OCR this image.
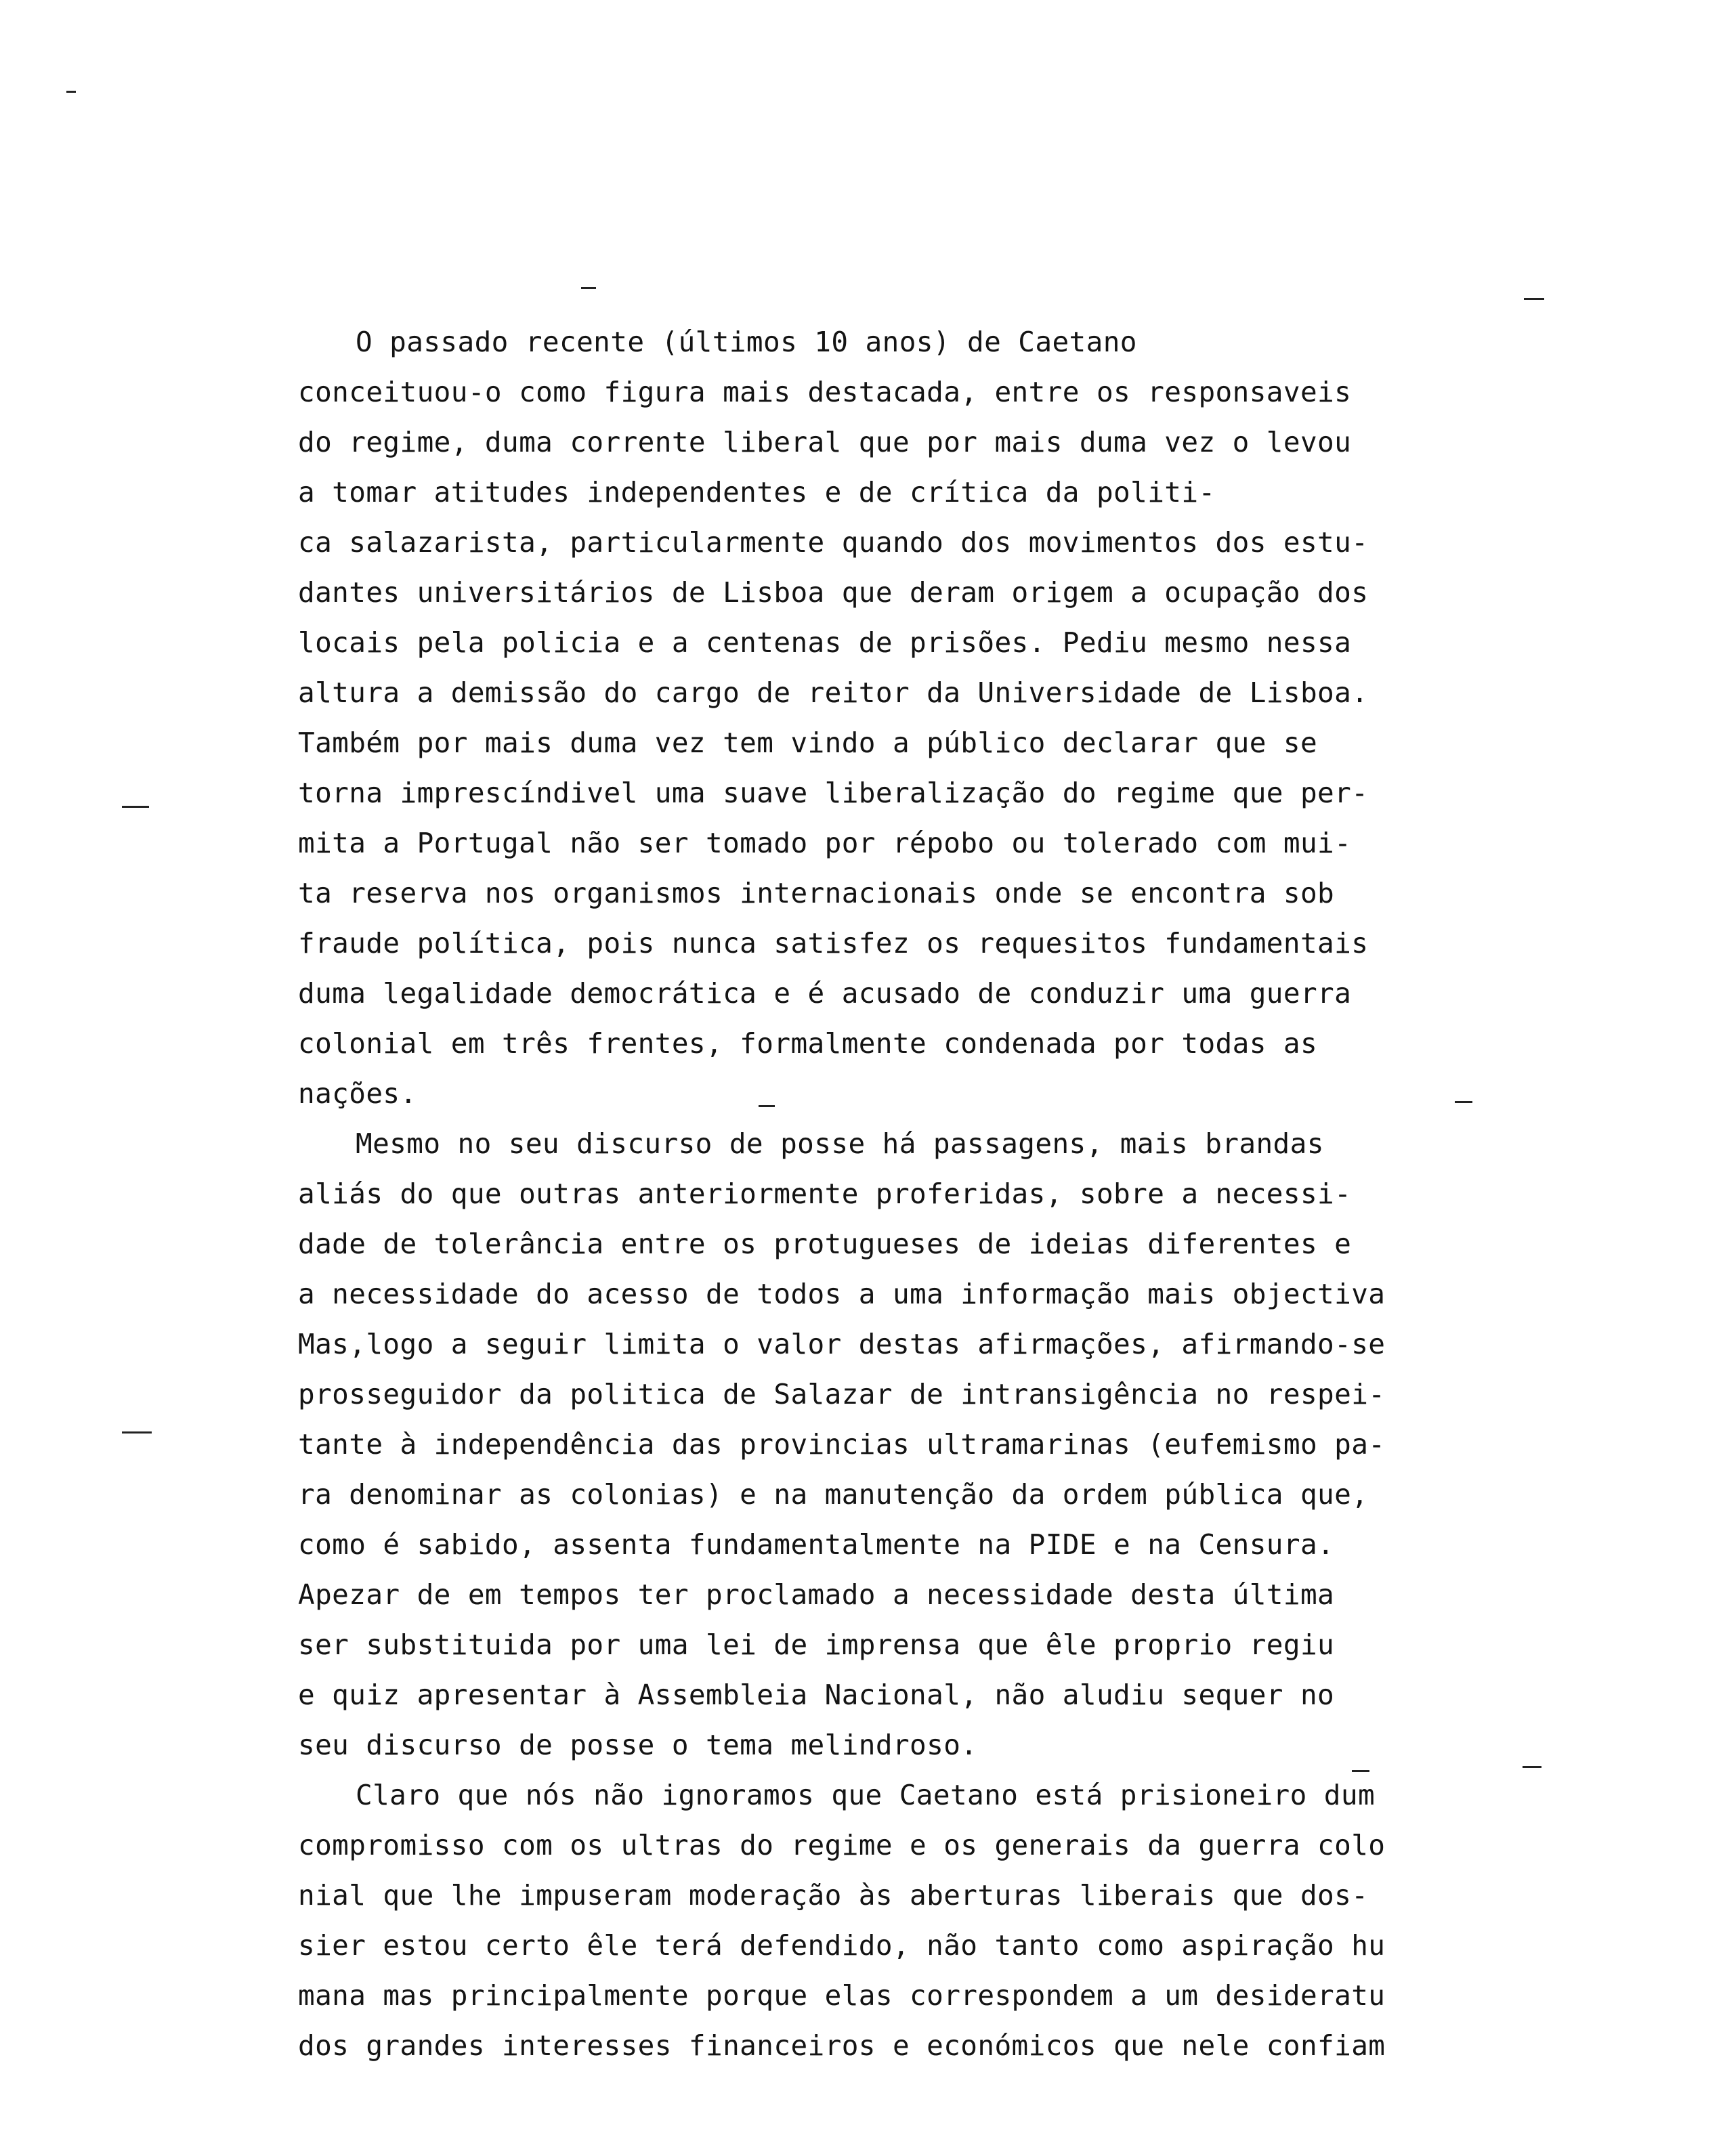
O passado recente (últimos 10 anos) de Caetano
conceituou-o como figura mais destacada, entre os responsaveis
do regime, duma corrente liberal que por mais duma vez o levou
a tomar atitudes independentes e de crítica da politi-
ca salazarista, particularmente quando dos movimentos dos estu-
dantes universitários de Lisboa que deram origem a ocupação dos
locais pela policia e a centenas de prisões. Pediu mesmo nessa
altura a demissão do cargo de reitor da Universidade de Lisboa.
Também por mais duma vez tem vindo a público declarar que se
torna imprescíndivel uma suave liberalização do regime que per-
mita a Portugal não ser tomado por répobo ou tolerado com mui-
ta reserva nos organismos internacionais onde se encontra sob
fraude política, pois nunca satisfez os requesitos fundamentais
duma legalidade democrática e é acusado de conduzir uma guerra
colonial em três frentes, formalmente condenada por todas as
nações.
Mesmo no seu discurso de posse há passagens, mais brandas
aliás do que outras anteriormente proferidas, sobre a necessi-
dade de tolerância entre os protugueses de ideias diferentes e
a necessidade do acesso de todos a uma informação mais objectiva
Mas,logo a seguir limita o valor destas afirmações, afirmando-se
prosseguidor da politica de Salazar de intransigência no respei-
tante à independência das provincias ultramarinas (eufemismo pa-
ra denominar as colonias) e na manutenção da ordem pública que,
como é sabido, assenta fundamentalmente na PIDE e na Censura.
Apezar de em tempos ter proclamado a necessidade desta última
ser substituida por uma lei de imprensa que êle proprio regiu
e quiz apresentar à Assembleia Nacional, não aludiu sequer no
seu discurso de posse o tema melindroso.
Claro que nós não ignoramos que Caetano está prisioneiro dum
compromisso com os ultras do regime e os generais da guerra colo
nial que lhe impuseram moderação às aberturas liberais que dos-
sier estou certo êle terá defendido, não tanto como aspiração hu
mana mas principalmente porque elas correspondem a um desideratu
dos grandes interesses financeiros e económicos que nele confiam
